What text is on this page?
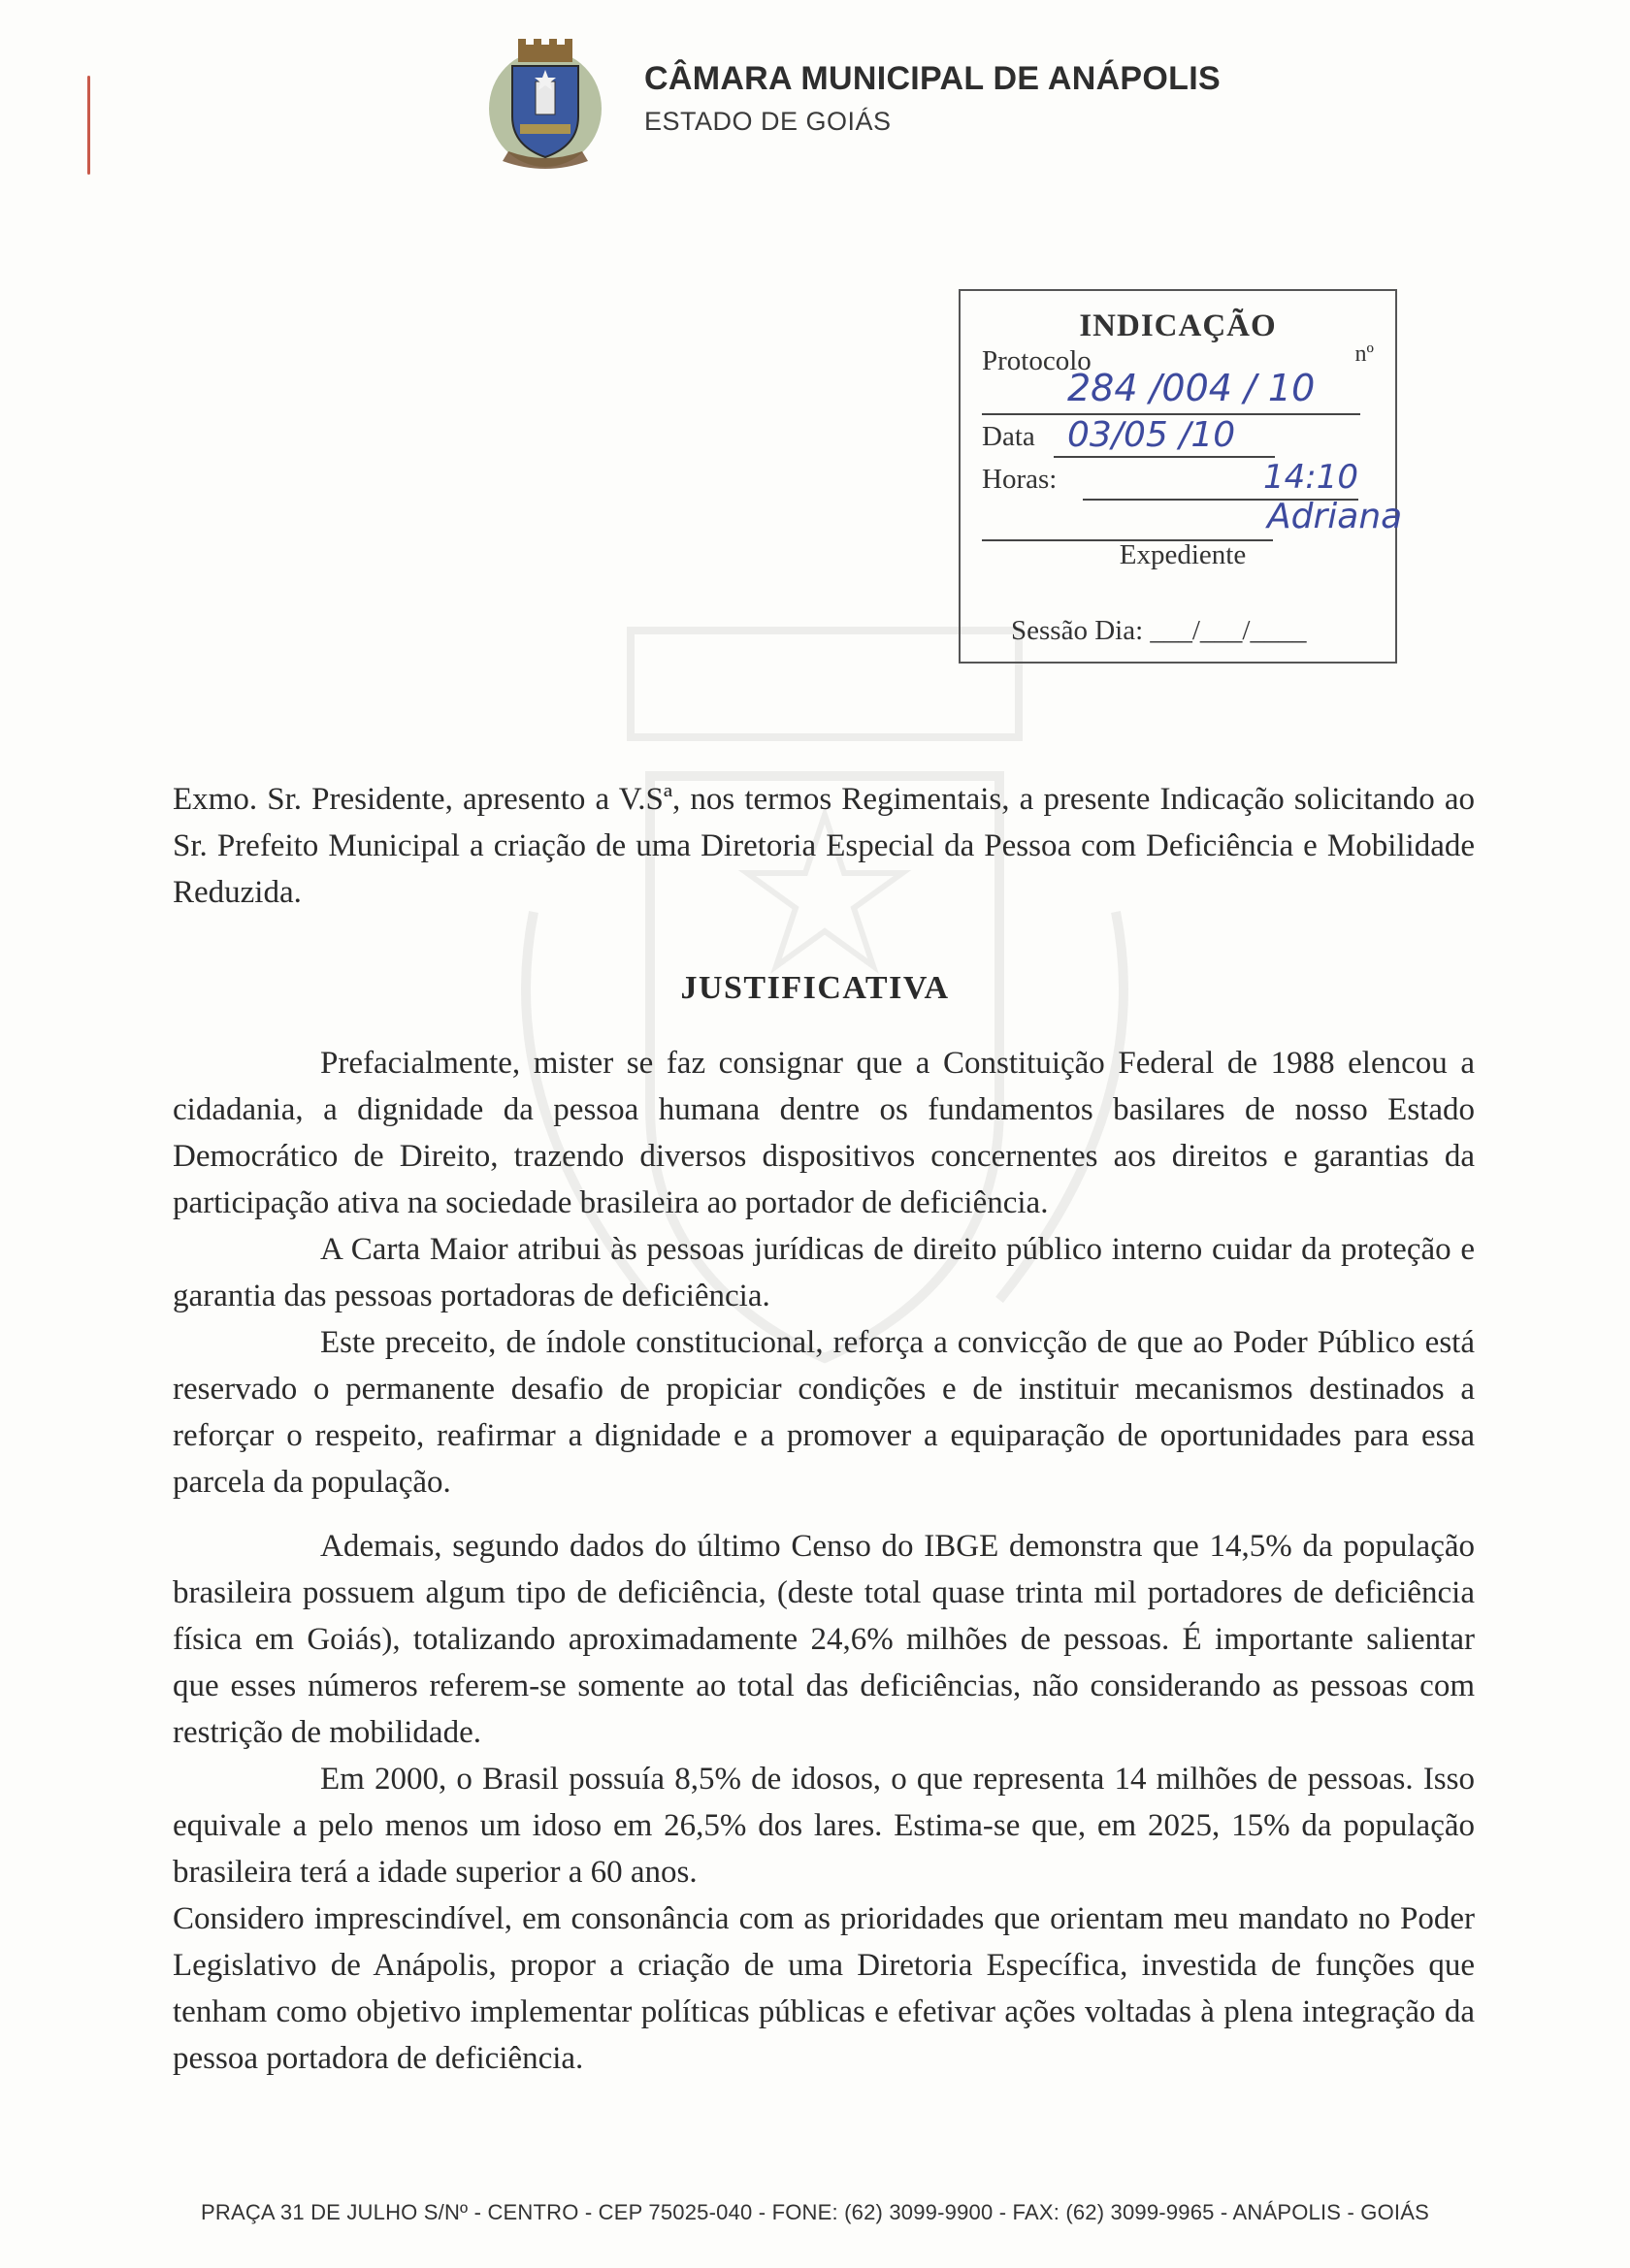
CÂMARA MUNICIPAL DE ANÁPOLIS
ESTADO DE GOIÁS
INDICAÇÃO
Protocolo	nº
284 /004 / 10
Data 03/05 /10
Horas:	14:10
Adriana
Expediente
Sessão Dia: ___/___/____

Exmo. Sr. Presidente, apresento a V.Sª, nos termos Regimentais, a presente Indicação solicitando ao Sr. Prefeito Municipal a criação de uma Diretoria Especial da Pessoa com Deficiência e Mobilidade Reduzida.

JUSTIFICATIVA

Prefacialmente, mister se faz consignar que a Constituição Federal de 1988 elencou a cidadania, a dignidade da pessoa humana dentre os fundamentos basilares de nosso Estado Democrático de Direito, trazendo diversos dispositivos concernentes aos direitos e garantias da participação ativa na sociedade brasileira ao portador de deficiência.

A Carta Maior atribui às pessoas jurídicas de direito público interno cuidar da proteção e garantia das pessoas portadoras de deficiência.

Este preceito, de índole constitucional, reforça a convicção de que ao Poder Público está reservado o permanente desafio de propiciar condições e de instituir mecanismos destinados a reforçar o respeito, reafirmar a dignidade e a promover a equiparação de oportunidades para essa parcela da população.

Ademais, segundo dados do último Censo do IBGE demonstra que 14,5% da população brasileira possuem algum tipo de deficiência, (deste total quase trinta mil portadores de deficiência física em Goiás), totalizando aproximadamente 24,6% milhões de pessoas. É importante salientar que esses números referem-se somente ao total das deficiências, não considerando as pessoas com restrição de mobilidade.

Em 2000, o Brasil possuía 8,5% de idosos, o que representa 14 milhões de pessoas. Isso equivale a pelo menos um idoso em 26,5% dos lares. Estima-se que, em 2025, 15% da população brasileira terá a idade superior a 60 anos.

Considero imprescindível, em consonância com as prioridades que orientam meu mandato no Poder Legislativo de Anápolis, propor a criação de uma Diretoria Específica, investida de funções que tenham como objetivo implementar políticas públicas e efetivar ações voltadas à plena integração da pessoa portadora de deficiência.

PRAÇA 31 DE JULHO S/Nº - CENTRO - CEP 75025-040 - FONE: (62) 3099-9900 - FAX: (62) 3099-9965 - ANÁPOLIS - GOIÁS
